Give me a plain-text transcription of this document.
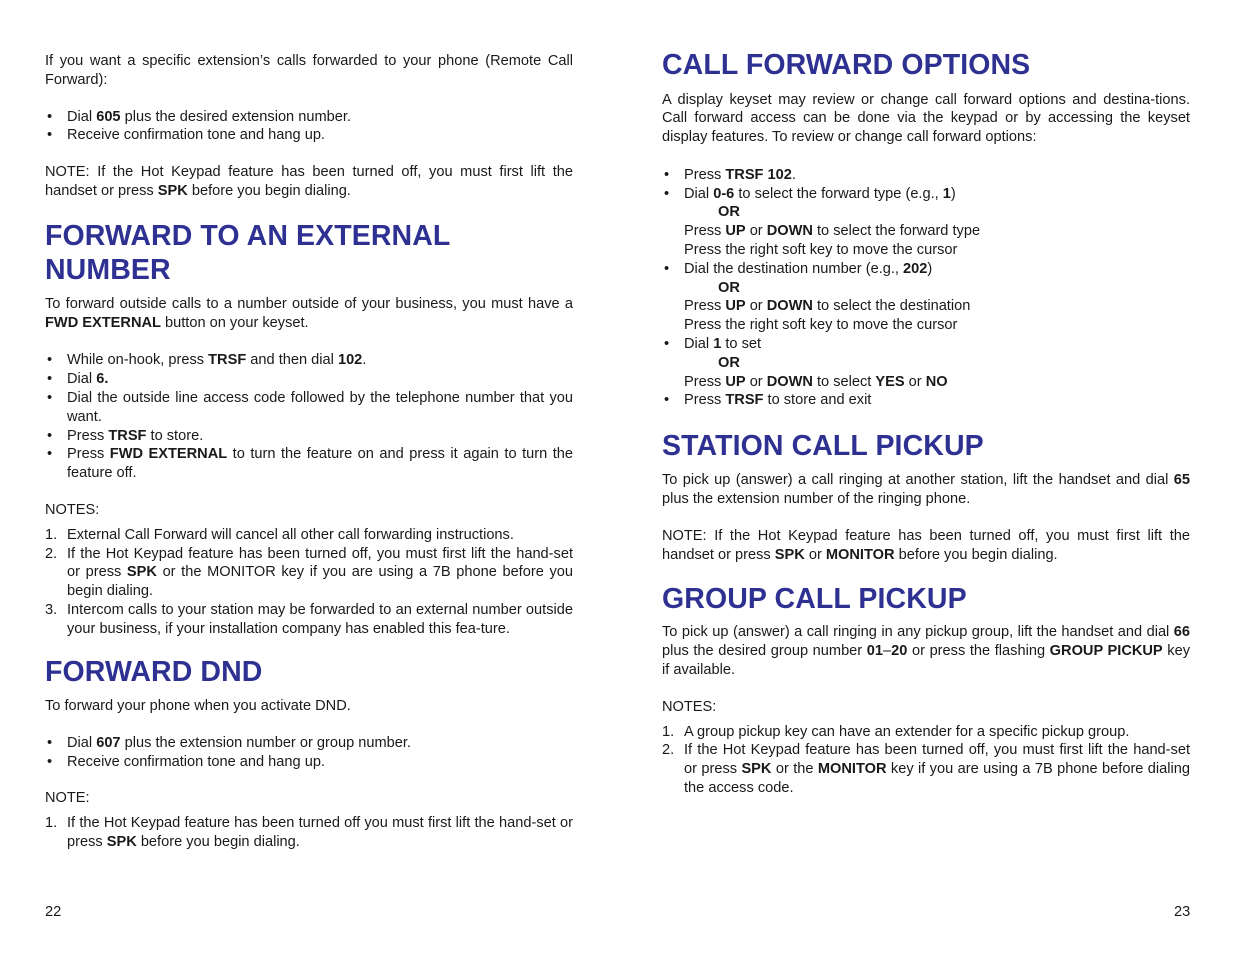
If you want a specific extension’s calls forwarded to your phone (Remote Call Forward):

• Dial 605 plus the desired extension number.
• Receive confirmation tone and hang up.

NOTE: If the Hot Keypad feature has been turned off, you must first lift the handset or press SPK before you begin dialing.

FORWARD TO AN EXTERNAL NUMBER

To forward outside calls to a number outside of your business, you must have a FWD EXTERNAL button on your keyset.

• While on-hook, press TRSF and then dial 102.
• Dial 6.
• Dial the outside line access code followed by the telephone number that you want.
• Press TRSF to store.
• Press FWD EXTERNAL to turn the feature on and press it again to turn the feature off.

NOTES:

1. External Call Forward will cancel all other call forwarding instructions.
2. If the Hot Keypad feature has been turned off, you must first lift the hand-set or press SPK or the MONITOR key if you are using a 7B phone before you begin dialing.
3. Intercom calls to your station may be forwarded to an external number outside your business, if your installation company has enabled this fea-ture.
FORWARD DND

To forward your phone when you activate DND.

• Dial 607 plus the extension number or group number.
• Receive confirmation tone and hang up.

NOTE:

1. If the Hot Keypad feature has been turned off you must first lift the hand-set or press SPK before you begin dialing.
22
CALL FORWARD OPTIONS

A display keyset may review or change call forward options and destina-tions. Call forward access can be done via the keypad or by accessing the keyset display features. To review or change call forward options:

• Press TRSF 102.
• Dial 0-6 to select the forward type (e.g., 1)
OR
Press UP or DOWN to select the forward type
Press the right soft key to move the cursor
• Dial the destination number (e.g., 202)
OR
Press UP or DOWN to select the destination
Press the right soft key to move the cursor
• Dial 1 to set
OR
Press UP or DOWN to select YES or NO
• Press TRSF to store and exit
STATION CALL PICKUP

To pick up (answer) a call ringing at another station, lift the handset and dial 65 plus the extension number of the ringing phone.

NOTE: If the Hot Keypad feature has been turned off, you must first lift the handset or press SPK or MONITOR before you begin dialing.

GROUP CALL PICKUP

To pick up (answer) a call ringing in any pickup group, lift the handset and dial 66 plus the desired group number 01–20 or press the flashing GROUP PICKUP key if available.

NOTES:

1. A group pickup key can have an extender for a specific pickup group.
2. If the Hot Keypad feature has been turned off, you must first lift the hand-set or press SPK or the MONITOR key if you are using a 7B phone before dialing the access code.
23
